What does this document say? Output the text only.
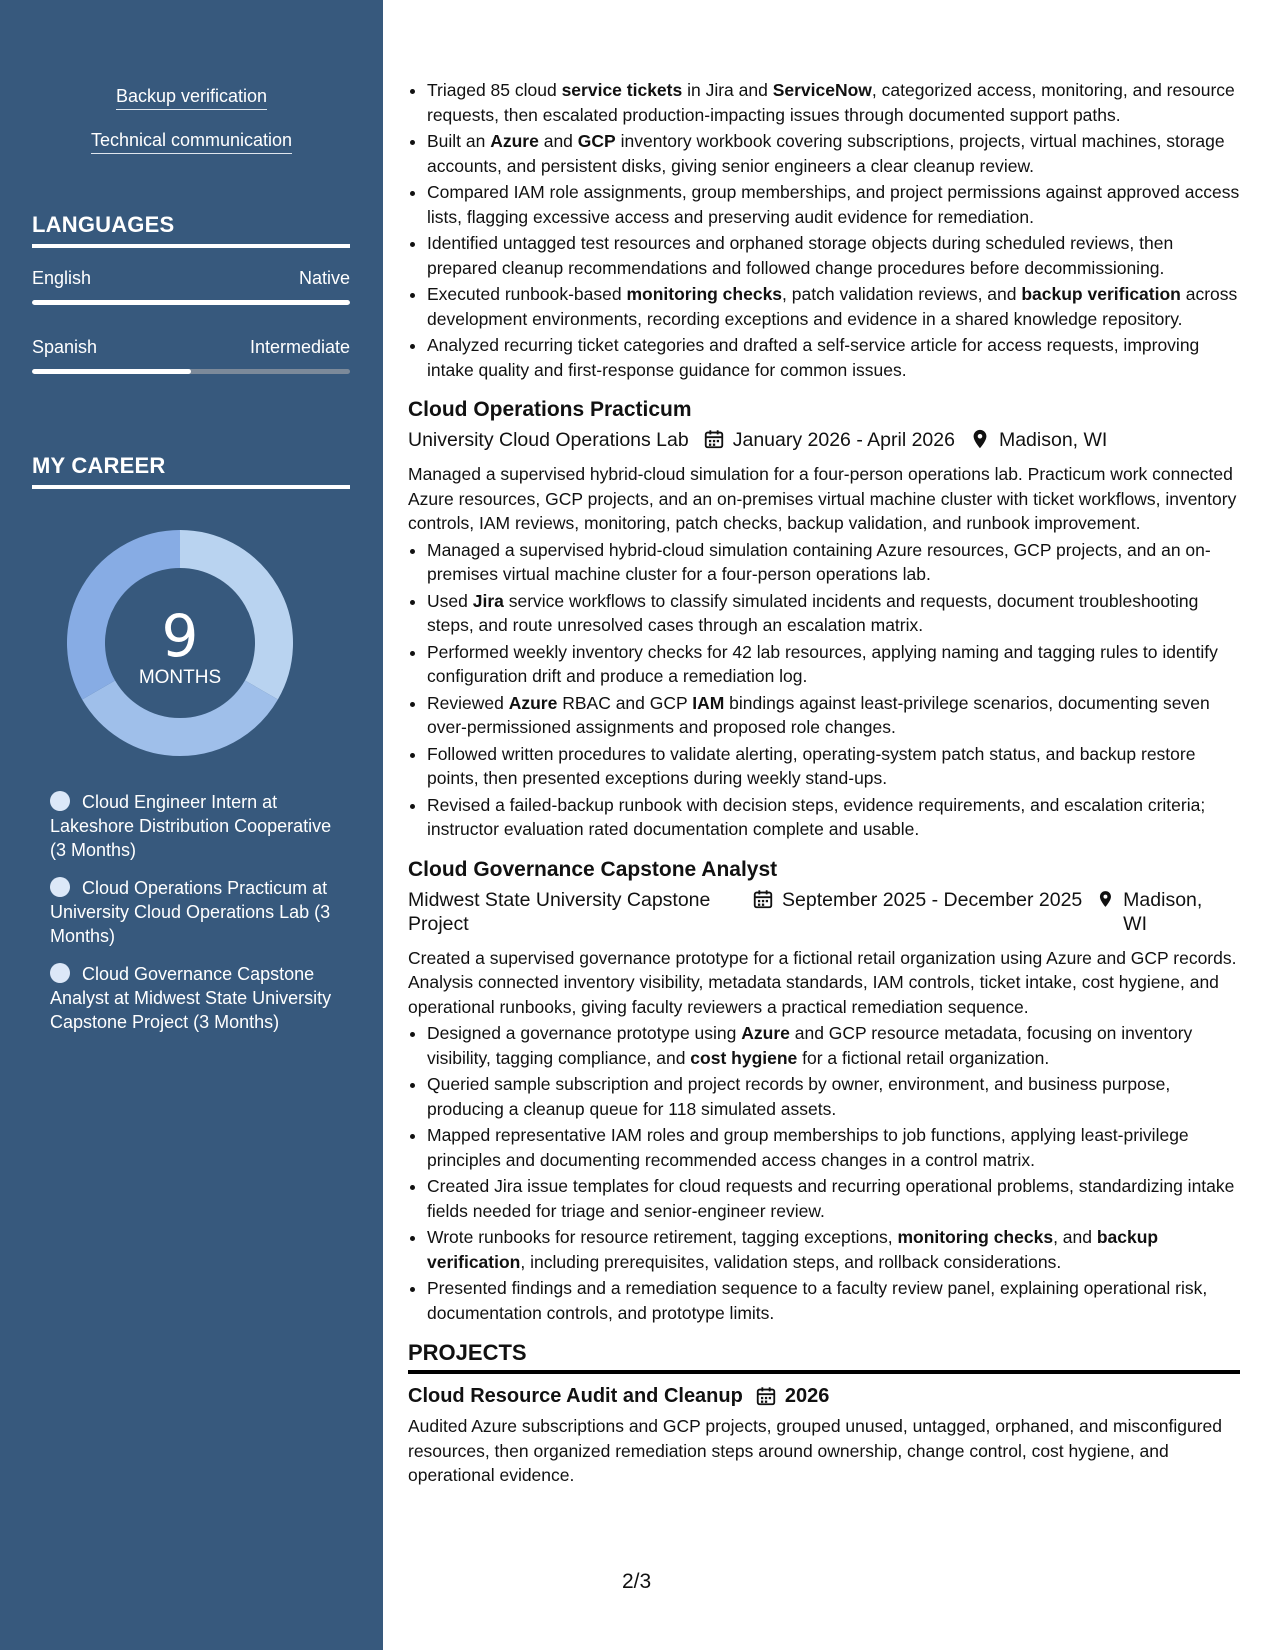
Backup verification

Technical communication

LANGUAGES
English	Native
Spanish	Intermediate
MY CAREER
9
MONTHS
Cloud Engineer Intern at Lakeshore Distribution Cooperative (3 Months)
Cloud Operations Practicum at University Cloud Operations Lab (3 Months)
Cloud Governance Capstone Analyst at Midwest State University Capstone Project (3 Months)
• Triaged 85 cloud service tickets in Jira and ServiceNow, categorized access, monitoring, and resource requests, then escalated production-impacting issues through documented support paths.
• Built an Azure and GCP inventory workbook covering subscriptions, projects, virtual machines, storage accounts, and persistent disks, giving senior engineers a clear cleanup review.
• Compared IAM role assignments, group memberships, and project permissions against approved access lists, flagging excessive access and preserving audit evidence for remediation.
• Identified untagged test resources and orphaned storage objects during scheduled reviews, then prepared cleanup recommendations and followed change procedures before decommissioning.
• Executed runbook-based monitoring checks, patch validation reviews, and backup verification across development environments, recording exceptions and evidence in a shared knowledge repository.
• Analyzed recurring ticket categories and drafted a self-service article for access requests, improving intake quality and first-response guidance for common issues.
Cloud Operations Practicum
University Cloud Operations Lab January 2026 - April 2026 Madison, WI

Managed a supervised hybrid-cloud simulation for a four-person operations lab. Practicum work connected Azure resources, GCP projects, and an on-premises virtual machine cluster with ticket workflows, inventory controls, IAM reviews, monitoring, patch checks, backup validation, and runbook improvement.

• Managed a supervised hybrid-cloud simulation containing Azure resources, GCP projects, and an on-premises virtual machine cluster for a four-person operations lab.
• Used Jira service workflows to classify simulated incidents and requests, document troubleshooting steps, and route unresolved cases through an escalation matrix.
• Performed weekly inventory checks for 42 lab resources, applying naming and tagging rules to identify configuration drift and produce a remediation log.
• Reviewed Azure RBAC and GCP IAM bindings against least-privilege scenarios, documenting seven over-permissioned assignments and proposed role changes.
• Followed written procedures to validate alerting, operating-system patch status, and backup restore points, then presented exceptions during weekly stand-ups.
• Revised a failed-backup runbook with decision steps, evidence requirements, and escalation criteria; instructor evaluation rated documentation complete and usable.
Cloud Governance Capstone Analyst
Midwest State University Capstone Project
September 2025 - December 2025 Madison, WI

Created a supervised governance prototype for a fictional retail organization using Azure and GCP records. Analysis connected inventory visibility, metadata standards, IAM controls, ticket intake, cost hygiene, and operational runbooks, giving faculty reviewers a practical remediation sequence.

• Designed a governance prototype using Azure and GCP resource metadata, focusing on inventory visibility, tagging compliance, and cost hygiene for a fictional retail organization.
• Queried sample subscription and project records by owner, environment, and business purpose, producing a cleanup queue for 118 simulated assets.
• Mapped representative IAM roles and group memberships to job functions, applying least-privilege principles and documenting recommended access changes in a control matrix.
• Created Jira issue templates for cloud requests and recurring operational problems, standardizing intake fields needed for triage and senior-engineer review.
• Wrote runbooks for resource retirement, tagging exceptions, monitoring checks, and backup verification, including prerequisites, validation steps, and rollback considerations.
• Presented findings and a remediation sequence to a faculty review panel, explaining operational risk, documentation controls, and prototype limits.
PROJECTS
Cloud Resource Audit and Cleanup 2026

Audited Azure subscriptions and GCP projects, grouped unused, untagged, orphaned, and misconfigured resources, then organized remediation steps around ownership, change control, cost hygiene, and operational evidence.

2/3
